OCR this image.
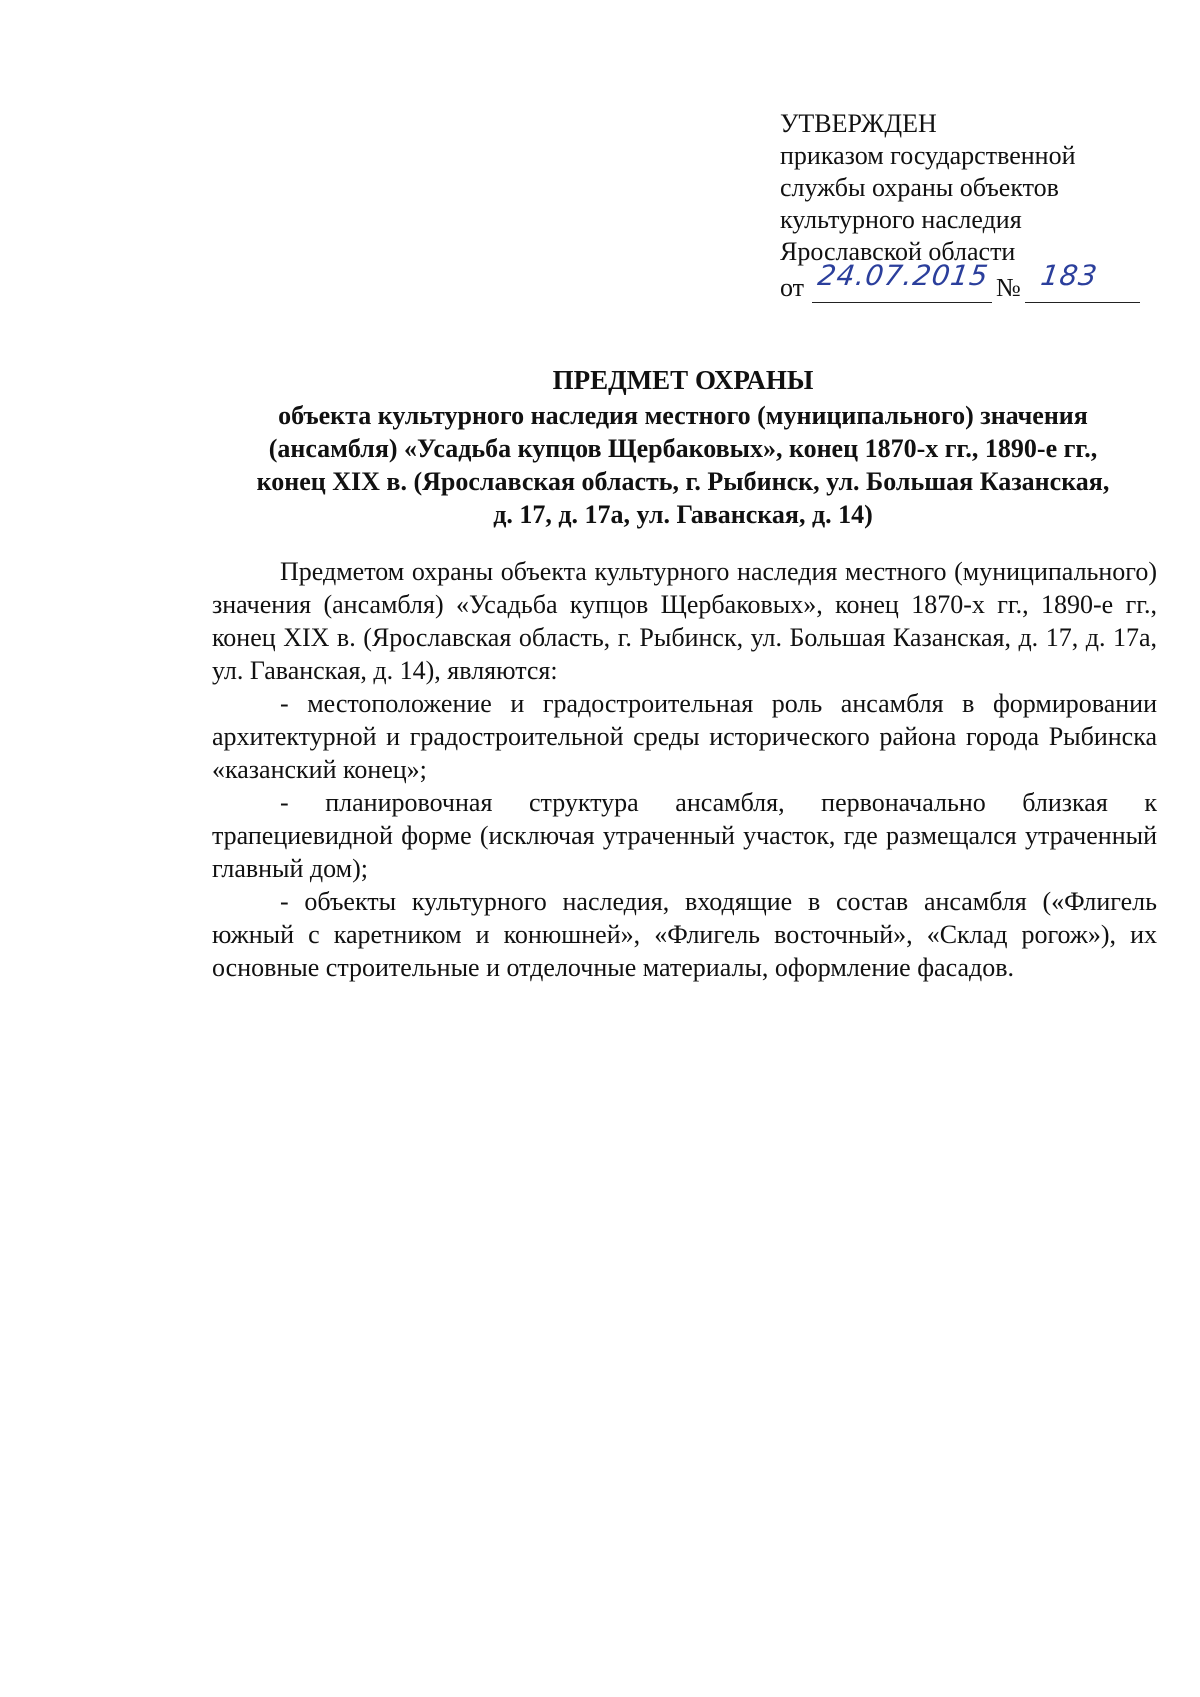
УТВЕРЖДЕН
приказом государственной
службы охраны объектов
культурного наследия
Ярославской области
от 24.07.2015 № 183
ПРЕДМЕТ ОХРАНЫ
объекта культурного наследия местного (муниципального) значения
(ансамбля) «Усадьба купцов Щербаковых», конец 1870-х гг., 1890-е гг.,
конец XIX в. (Ярославская область, г. Рыбинск, ул. Большая Казанская,
д. 17, д. 17а, ул. Гаванская, д. 14)

Предметом охраны объекта культурного наследия местного (муниципального) значения (ансамбля) «Усадьба купцов Щербаковых», конец 1870-х гг., 1890-е гг., конец XIX в. (Ярославская область, г. Рыбинск, ул. Большая Казанская, д. 17, д. 17а, ул. Гаванская, д. 14), являются:

- местоположение и градостроительная роль ансамбля в формировании архитектурной и градостроительной среды исторического района города Рыбинска «казанский конец»;

- планировочная структура ансамбля, первоначально близкая к трапециевидной форме (исключая утраченный участок, где размещался утраченный главный дом);

- объекты культурного наследия, входящие в состав ансамбля («Флигель южный с каретником и конюшней», «Флигель восточный», «Склад рогож»), их основные строительные и отделочные материалы, оформление фасадов.
